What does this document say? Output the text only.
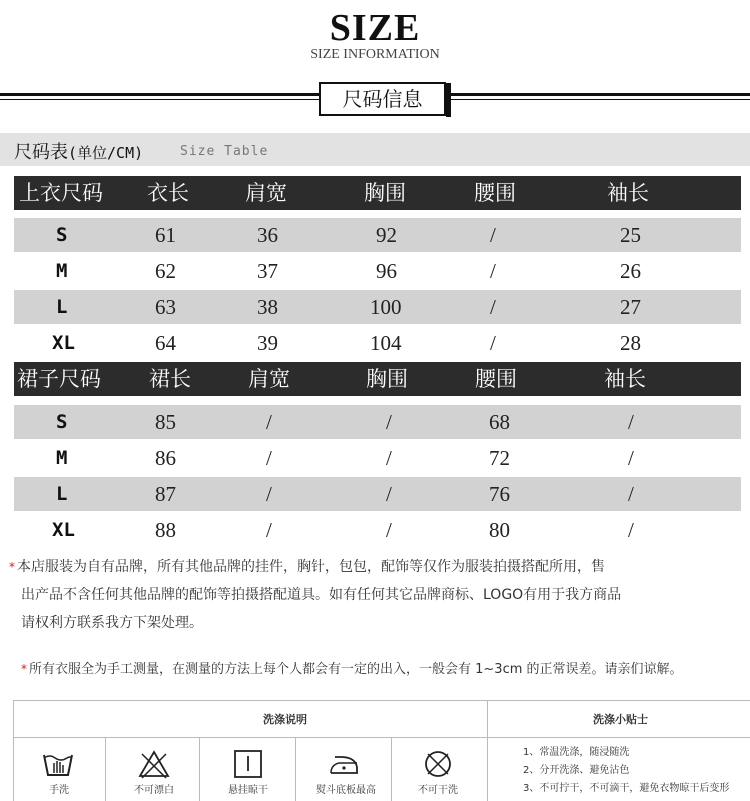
SIZE
SIZE INFORMATION
尺码信息
尺码表(单位/CM)	Size Table
上衣尺码 衣长	肩宽	胸围	腰围	袖长
S	61	36	92	/	25
M	62	37	96	/	26
L	63	38	100	/	27
XL	64	39	104	/	28
裙子尺码 裙长	肩宽	胸围	腰围	袖长
S	85	/	/	68	/
M	86	/	/	72	/
L	87	/	/	76	/
XL	88	/	/	80	/
* 本店服装为自有品牌，所有其他品牌的挂件，胸针，包包，配饰等仅作为服装拍摄搭配所用，售
出产品不含任何其他品牌的配饰等拍摄搭配道具。如有任何其它品牌商标、LOGO有用于我方商品
请权利方联系我方下架处理。
* 所有衣服全为手工测量，在测量的方法上每个人都会有一定的出入，一般会有 1~3cm 的正常误差。请亲们谅解。
洗涤说明	洗涤小贴士
手洗	不可漂白	悬挂晾干	熨斗底板最高	不可干洗
1、常温洗涤，随浸随洗
2、分开洗涤、避免沾色
3、不可拧干，不可滴干，避免衣物晾干后变形
